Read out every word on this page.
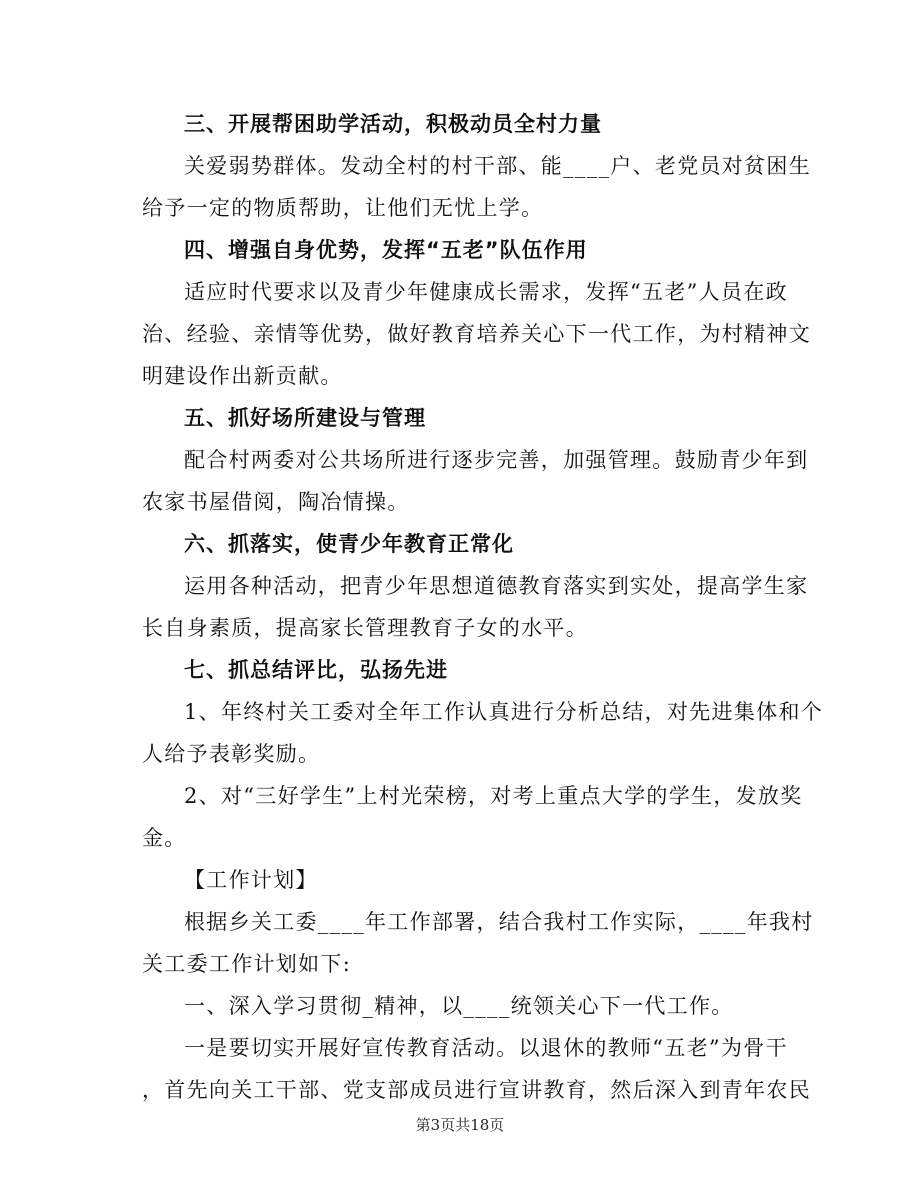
三、开展帮困助学活动，积极动员全村力量
关爱弱势群体。发动全村的村干部、能____户、老党员对贫困生
给予一定的物质帮助，让他们无忧上学。
四、增强自身优势，发挥“五老”队伍作用
适应时代要求以及青少年健康成长需求，发挥“五老”人员在政
治、经验、亲情等优势，做好教育培养关心下一代工作，为村精神文
明建设作出新贡献。
五、抓好场所建设与管理
配合村两委对公共场所进行逐步完善，加强管理。鼓励青少年到
农家书屋借阅，陶冶情操。
六、抓落实，使青少年教育正常化
运用各种活动，把青少年思想道德教育落实到实处，提高学生家
长自身素质，提高家长管理教育子女的水平。
七、抓总结评比，弘扬先进
1、年终村关工委对全年工作认真进行分析总结，对先进集体和个
人给予表彰奖励。
2、对“三好学生”上村光荣榜，对考上重点大学的学生，发放奖
金。
【工作计划】
根据乡关工委____年工作部署，结合我村工作实际，____年我村
关工委工作计划如下:
一、深入学习贯彻_精神，以____统领关心下一代工作。
一是要切实开展好宣传教育活动。以退休的教师“五老”为骨干
，首先向关工干部、党支部成员进行宣讲教育，然后深入到青年农民
第3页共18页
